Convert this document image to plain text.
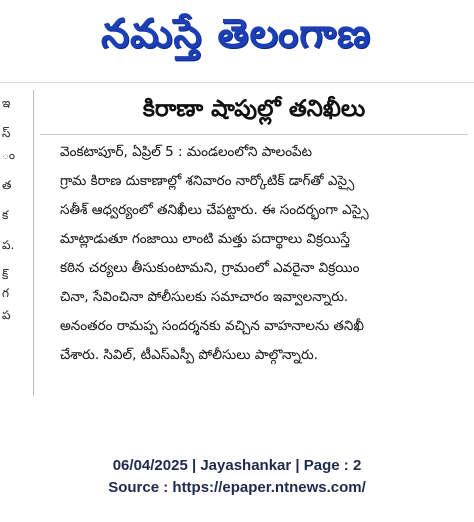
నమస్తే తెలంగాణ
ఇ
స్
ం
త
క
ప.
క్
గ
ప
కిరాణా షాపుల్లో తనిఖీలు
వెంకటాపూర్, ఏప్రిల్ 5 : మండలంలోని పాలంపేట
గ్రామ కిరాణ దుకాణాల్లో శనివారం నార్కోటిక్ డాగ్‌తో ఎస్సై
సతీశ్ ఆధ్వర్యంలో తనిఖీలు చేపట్టారు. ఈ సందర్భంగా ఎస్సై
మాట్లాడుతూ గంజాయి లాంటి మత్తు పదార్థాలు విక్రయిస్తే
కఠిన చర్యలు తీసుకుంటామని, గ్రామంలో ఎవరైనా విక్రయిం
చినా, సేవించినా పోలీసులకు సమాచారం ఇవ్వాలన్నారు.
అనంతరం రామప్ప సందర్శనకు వచ్చిన వాహనాలను తనిఖీ
చేశారు. సివిల్, టీఎస్ఎస్పీ పోలీసులు పాల్గొన్నారు.
06/04/2025 | Jayashankar | Page : 2
Source : https://epaper.ntnews.com/
